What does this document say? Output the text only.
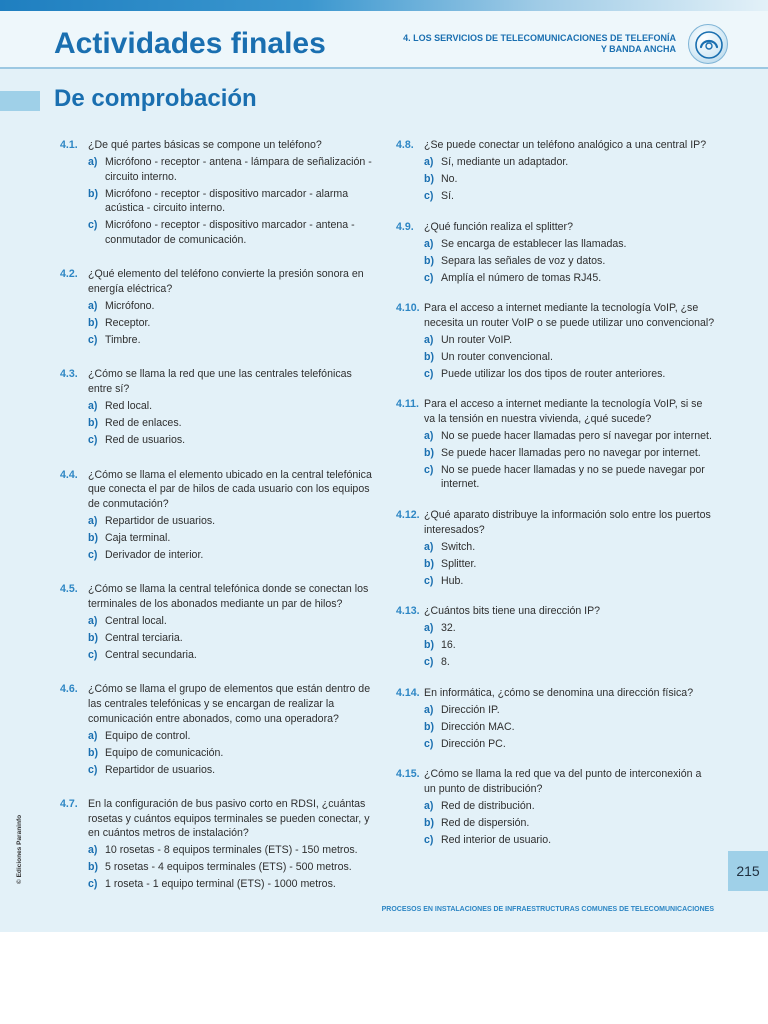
Actividades finales	4. LOS SERVICIOS DE TELECOMUNICACIONES DE TELEFONÍA
Y BANDA ANCHA
De comprobación
4.1. ¿De qué partes básicas se compone un teléfono?
a) Micrófono - receptor - antena - lámpara de señalización - circuito interno.
b) Micrófono - receptor - dispositivo marcador - alarma acústica - circuito interno.
c) Micrófono - receptor - dispositivo marcador - antena - conmutador de comunicación.
4.2. ¿Qué elemento del teléfono convierte la presión sonora en energía eléctrica?
a) Micrófono.
b) Receptor.
c) Timbre.
4.3. ¿Cómo se llama la red que une las centrales telefónicas entre sí?
a) Red local.
b) Red de enlaces.
c) Red de usuarios.
4.4. ¿Cómo se llama el elemento ubicado en la central telefónica que conecta el par de hilos de cada usuario con los equipos de conmutación?
a) Repartidor de usuarios.
b) Caja terminal.
c) Derivador de interior.
4.5. ¿Cómo se llama la central telefónica donde se conectan los terminales de los abonados mediante un par de hilos?
a) Central local.
b) Central terciaria.
c) Central secundaria.
4.6. ¿Cómo se llama el grupo de elementos que están dentro de las centrales telefónicas y se encargan de realizar la comunicación entre abonados, como una operadora?
a) Equipo de control.
b) Equipo de comunicación.
c) Repartidor de usuarios.
4.7. En la configuración de bus pasivo corto en RDSI, ¿cuántas rosetas y cuántos equipos terminales se pueden conectar, y en cuántos metros de instalación?
a) 10 rosetas - 8 equipos terminales (ETS) - 150 metros.
b) 5 rosetas - 4 equipos terminales (ETS) - 500 metros.
c) 1 roseta - 1 equipo terminal (ETS) - 1000 metros.
4.8. ¿Se puede conectar un teléfono analógico a una central IP?
a) Sí, mediante un adaptador.
b) No.
c) Sí.
4.9. ¿Qué función realiza el splitter?
a) Se encarga de establecer las llamadas.
b) Separa las señales de voz y datos.
c) Amplía el número de tomas RJ45.
4.10. Para el acceso a internet mediante la tecnología VoIP, ¿se necesita un router VoIP o se puede utilizar uno convencional?
a) Un router VoIP.
b) Un router convencional.
c) Puede utilizar los dos tipos de router anteriores.
4.11. Para el acceso a internet mediante la tecnología VoIP, si se va la tensión en nuestra vivienda, ¿qué sucede?
a) No se puede hacer llamadas pero sí navegar por internet.
b) Se puede hacer llamadas pero no navegar por internet.
c) No se puede hacer llamadas y no se puede navegar por internet.
4.12. ¿Qué aparato distribuye la información solo entre los puertos interesados?
a) Switch.
b) Splitter.
c) Hub.
4.13. ¿Cuántos bits tiene una dirección IP?
a) 32.
b) 16.
c) 8.
4.14. En informática, ¿cómo se denomina una dirección física?
a) Dirección IP.
b) Dirección MAC.
c) Dirección PC.
4.15. ¿Cómo se llama la red que va del punto de interconexión a un punto de distribución?
a) Red de distribución.
b) Red de dispersión.
c) Red interior de usuario.
215
PROCESOS EN INSTALACIONES DE INFRAESTRUCTURAS COMUNES DE TELECOMUNICACIONES
© Ediciones Paraninfo
